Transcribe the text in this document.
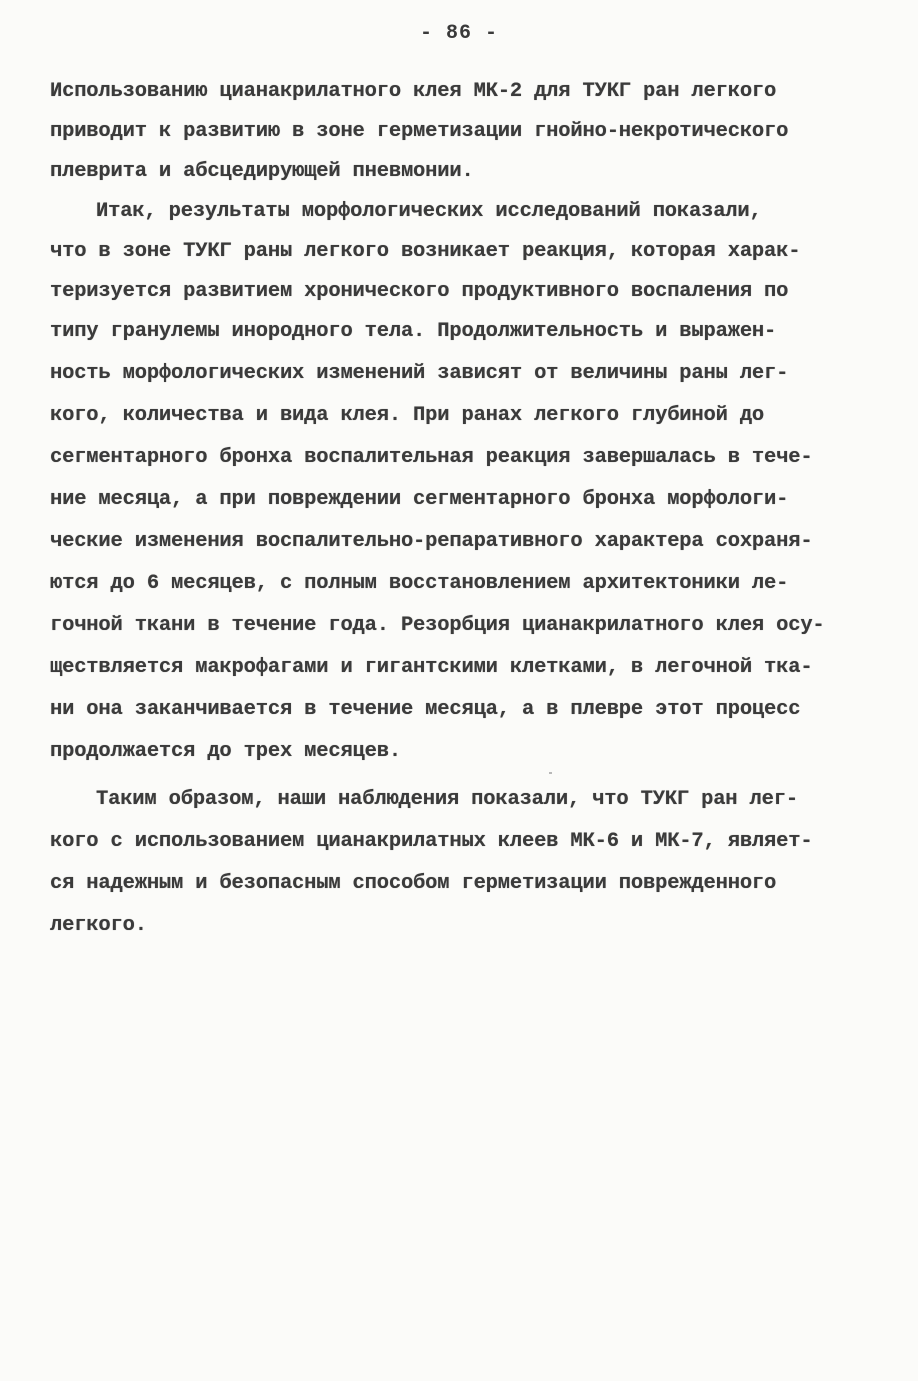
- 86 -
Использованию цианакрилатного клея МК-2 для ТУКГ ран легкого
приводит к развитию в зоне герметизации гнойно-некротического
плеврита и абсцедирующей пневмонии.
Итак, результаты морфологических исследований показали,
что в зоне ТУКГ раны легкого возникает реакция, которая харак-
теризуется развитием хронического продуктивного воспаления по
типу гранулемы инородного тела. Продолжительность и выражен-
ность морфологических изменений зависят от величины раны лег-
кого, количества и вида клея. При ранах легкого глубиной до
сегментарного бронха воспалительная реакция завершалась в тече-
ние месяца, а при повреждении сегментарного бронха морфологи-
ческие изменения воспалительно-репаративного характера сохраня-
ются до 6 месяцев, с полным восстановлением архитектоники ле-
гочной ткани в течение года. Резорбция цианакрилатного клея осу-
ществляется макрофагами и гигантскими клетками, в легочной тка-
ни она заканчивается в течение месяца, а в плевре этот процесс
продолжается до трех месяцев.
Таким образом, наши наблюдения показали, что ТУКГ ран лег-
кого с использованием цианакрилатных клеев МК-6 и МК-7, являет-
ся надежным и безопасным способом герметизации поврежденного
легкого.
